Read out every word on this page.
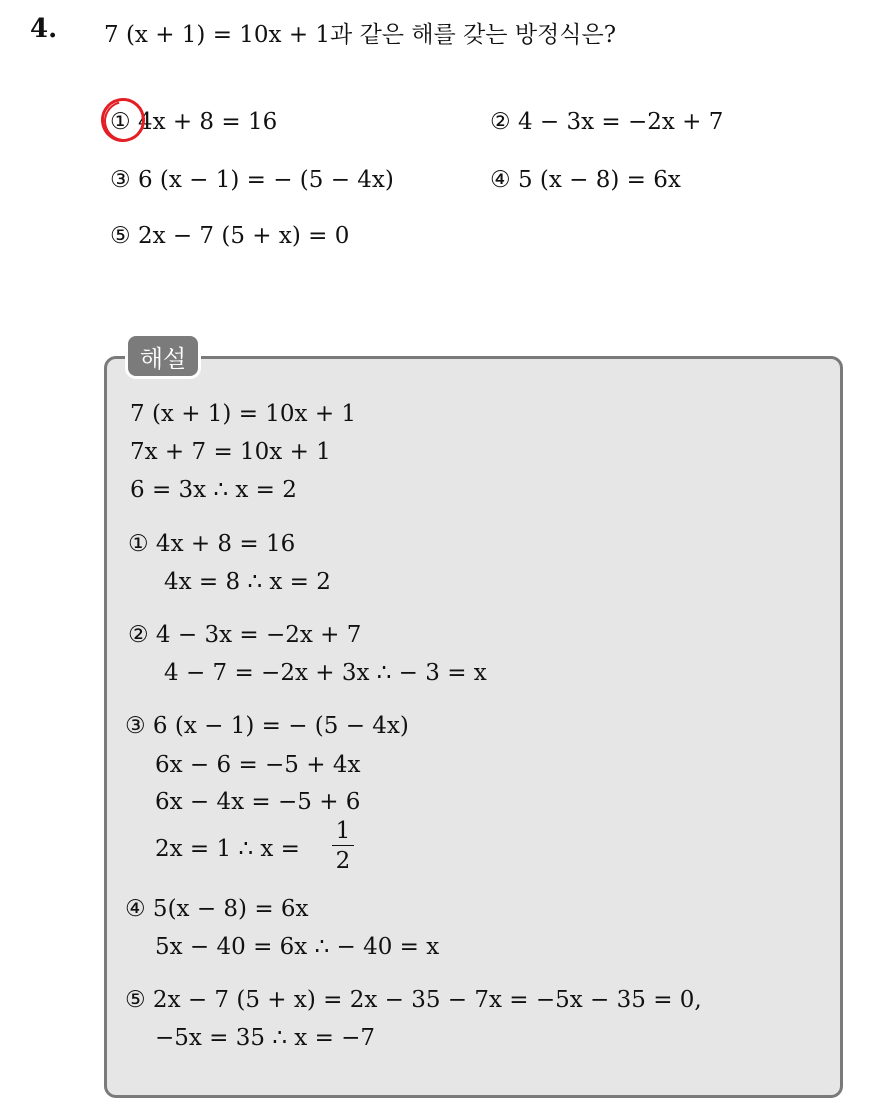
4. 7 (x + 1) = 10x + 1과 같은 해를 갖는 방정식은?
① 4x + 8 = 16	② 4 − 3x = −2x + 7
③ 6 (x − 1) = − (5 − 4x)	④ 5 (x − 8) = 6x
⑤ 2x − 7 (5 + x) = 0
해설
7 (x + 1) = 10x + 1
7x + 7 = 10x + 1
6 = 3x ∴ x = 2
① 4x + 8 = 16
4x = 8 ∴ x = 2
② 4 − 3x = −2x + 7
4 − 7 = −2x + 3x ∴ − 3 = x
③ 6 (x − 1) = − (5 − 4x)
6x − 6 = −5 + 4x
6x − 4x = −5 + 6
2x = 1 ∴ x =
1
2
④ 5(x − 8) = 6x
5x − 40 = 6x ∴ − 40 = x
⑤ 2x − 7 (5 + x) = 2x − 35 − 7x = −5x − 35 = 0,
−5x = 35 ∴ x = −7
